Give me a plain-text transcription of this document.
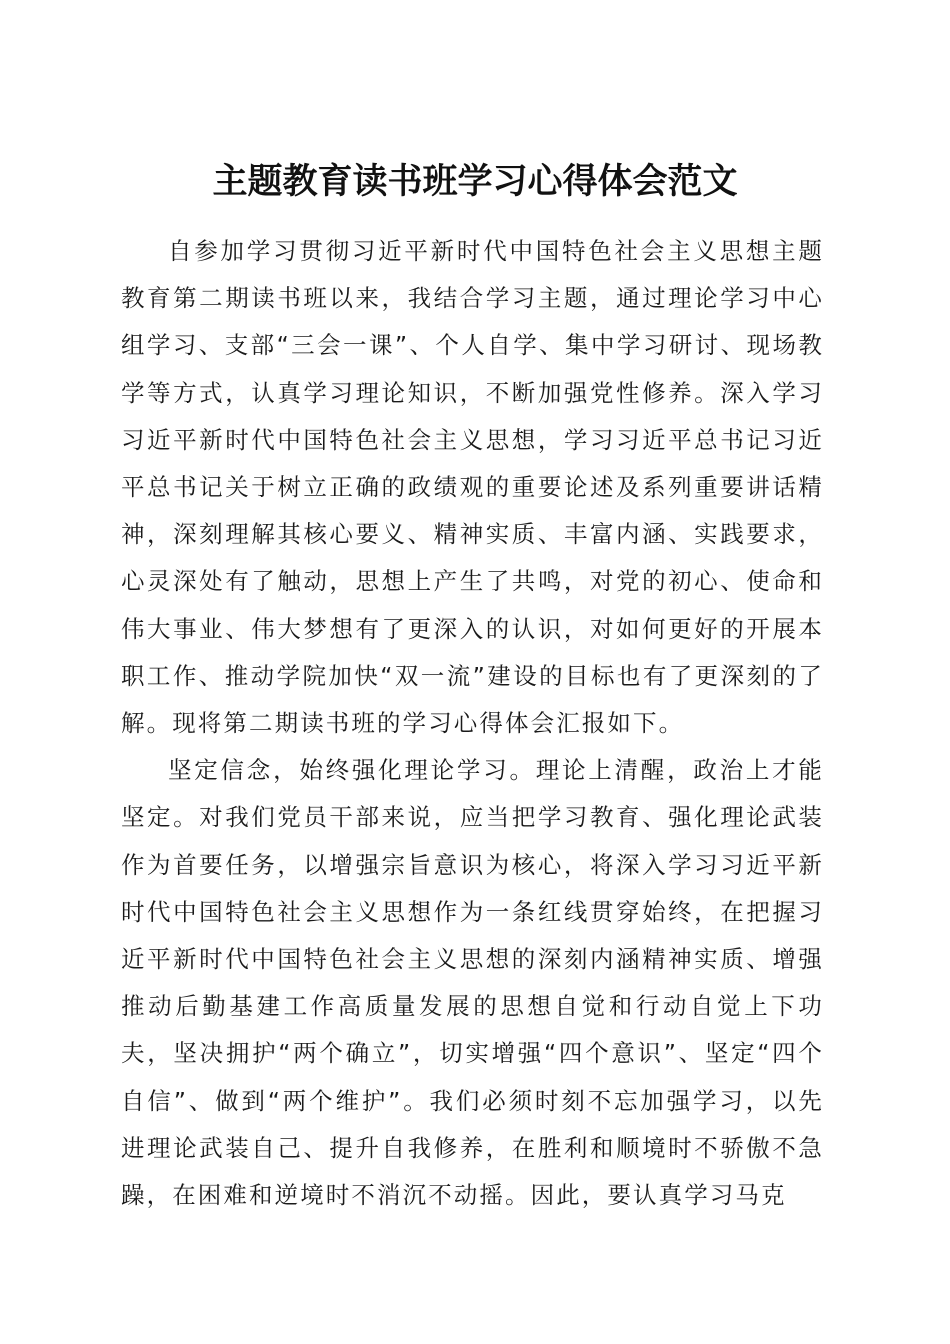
主题教育读书班学习心得体会范文

自参加学习贯彻习近平新时代中国特色社会主义思想主题教育第二期读书班以来，我结合学习主题，通过理论学习中心组学习、支部“三会一课”、个人自学、集中学习研讨、现场教学等方式，认真学习理论知识，不断加强党性修养。深入学习习近平新时代中国特色社会主义思想，学习习近平总书记习近平总书记关于树立正确的政绩观的重要论述及系列重要讲话精神，深刻理解其核心要义、精神实质、丰富内涵、实践要求，心灵深处有了触动，思想上产生了共鸣，对党的初心、使命和伟大事业、伟大梦想有了更深入的认识，对如何更好的开展本职工作、推动学院加快“双一流”建设的目标也有了更深刻的了解。现将第二期读书班的学习心得体会汇报如下。

坚定信念，始终强化理论学习。理论上清醒，政治上才能坚定。对我们党员干部来说，应当把学习教育、强化理论武装作为首要任务，以增强宗旨意识为核心，将深入学习习近平新时代中国特色社会主义思想作为一条红线贯穿始终，在把握习近平新时代中国特色社会主义思想的深刻内涵精神实质、增强推动后勤基建工作高质量发展的思想自觉和行动自觉上下功夫，坚决拥护“两个确立”，切实增强“四个意识”、坚定“四个自信”、做到“两个维护”。我们必须时刻不忘加强学习，以先进理论武装自己、提升自我修养，在胜利和顺境时不骄傲不急躁，在困难和逆境时不消沉不动摇。因此，要认真学习马克
